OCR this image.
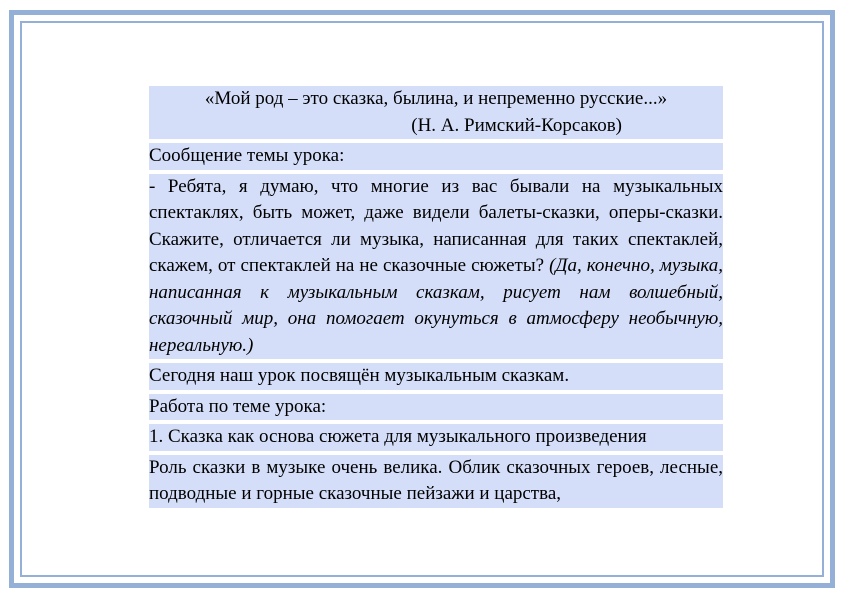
«Мой род – это сказка, былина, и непременно русские...»
(Н. А. Римский-Корсаков)
Сообщение темы урока:
- Ребята, я думаю, что многие из вас бывали на музыкальных спектаклях, быть может, даже видели балеты-сказки, оперы-сказки. Скажите, отличается ли музыка, написанная для таких спектаклей, скажем, от спектаклей на не сказочные сюжеты? (Да, конечно, музыка, написанная к музыкальным сказкам, рисует нам волшебный, сказочный мир, она помогает окунуться в атмосферу необычную, нереальную.)
Сегодня наш урок посвящён музыкальным сказкам.
Работа по теме урока:
1. Сказка как основа сюжета для музыкального произведения
Роль сказки в музыке очень велика. Облик сказочных героев, лесные, подводные и горные сказочные пейзажи и царства,
